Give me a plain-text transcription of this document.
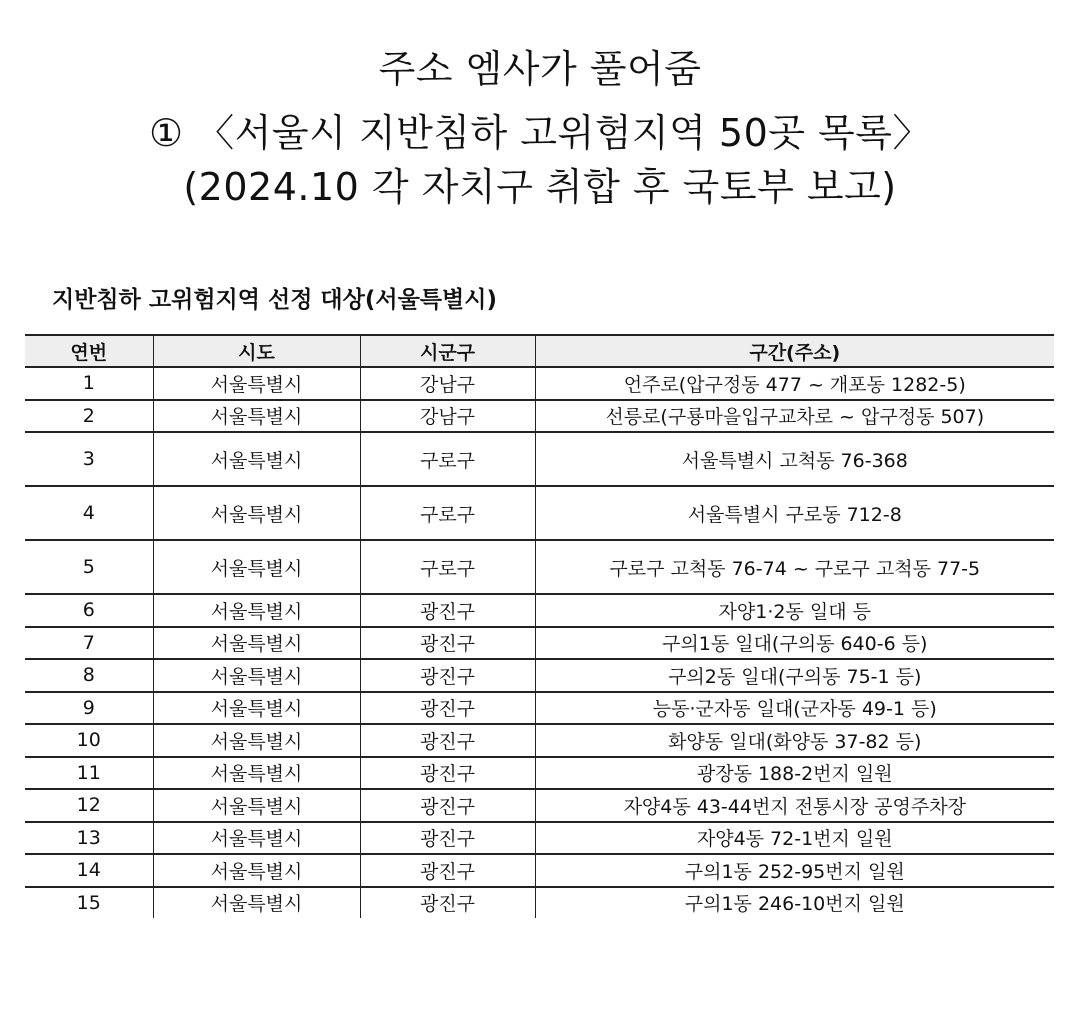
주소 엠사가 풀어줌
① 〈서울시 지반침하 고위험지역 50곳 목록〉
(2024.10 각 자치구 취합 후 국토부 보고)
지반침하 고위험지역 선정 대상(서울특별시)
연번	시도	시군구	구간(주소)
1	서울특별시	강남구	언주로(압구정동 477 ~ 개포동 1282-5)
2	서울특별시	강남구	선릉로(구룡마을입구교차로 ~ 압구정동 507)
3	서울특별시	구로구	서울특별시 고척동 76-368
4	서울특별시	구로구	서울특별시 구로동 712-8
5	서울특별시	구로구	구로구 고척동 76-74 ~ 구로구 고척동 77-5
6	서울특별시	광진구	자양1·2동 일대 등
7	서울특별시	광진구	구의1동 일대(구의동 640-6 등)
8	서울특별시	광진구	구의2동 일대(구의동 75-1 등)
9	서울특별시	광진구	능동·군자동 일대(군자동 49-1 등)
10	서울특별시	광진구	화양동 일대(화양동 37-82 등)
11	서울특별시	광진구	광장동 188-2번지 일원
12	서울특별시	광진구	자양4동 43-44번지 전통시장 공영주차장
13	서울특별시	광진구	자양4동 72-1번지 일원
14	서울특별시	광진구	구의1동 252-95번지 일원
15	서울특별시	광진구	구의1동 246-10번지 일원
